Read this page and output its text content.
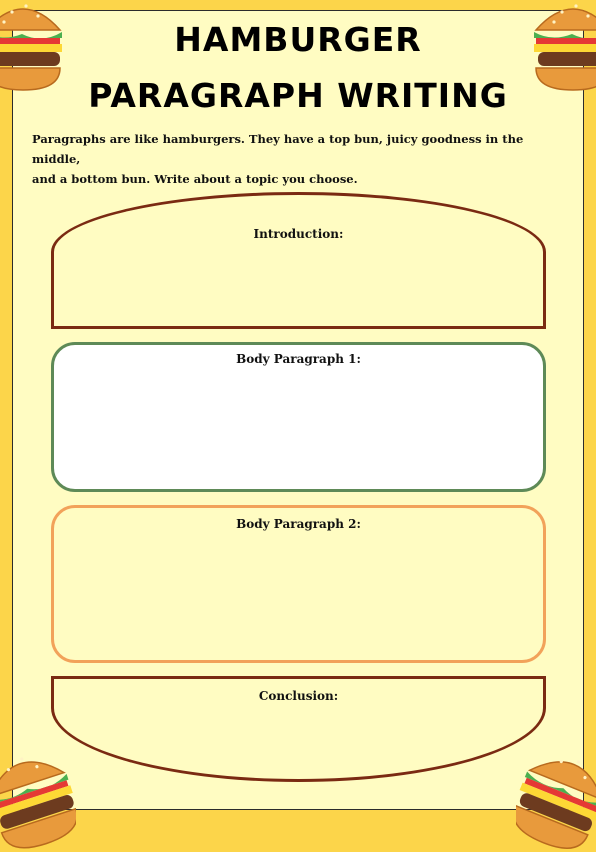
HAMBURGER
PARAGRAPH WRITING
Paragraphs are like hamburgers. They have a top bun, juicy goodness in the middle,
and a bottom bun. Write about a topic you choose.
Introduction:
Body Paragraph 1:
Body Paragraph 2:
Conclusion:
